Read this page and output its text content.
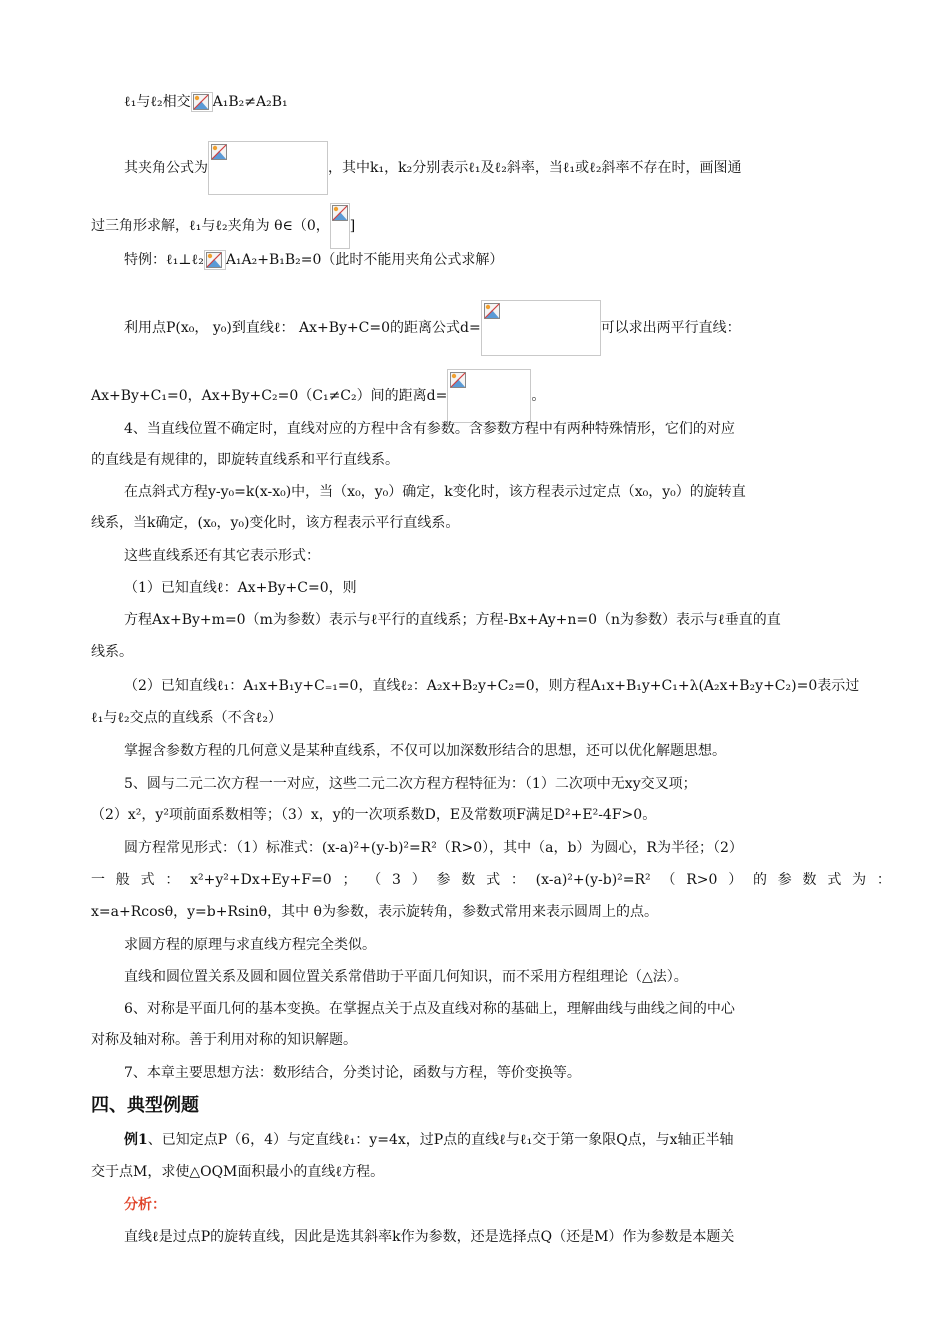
ℓ₁与ℓ₂相交 A₁B₂≠A₂B₁
其夹角公式为	，其中k₁，k₂分别表示ℓ₁及ℓ₂斜率，当ℓ₁或ℓ₂斜率不存在时，画图通
过三角形求解，ℓ₁与ℓ₂夹角为 θ∈（0， ]
特例：ℓ₁⊥ℓ₂ A₁A₂+B₁B₂=0（此时不能用夹角公式求解）
利用点P(x₀， y₀)到直线ℓ： Ax+By+C=0的距离公式d=	可以求出两平行直线：
Ax+By+C₁=0，Ax+By+C₂=0（C₁≠C₂）间的距离d=	。
4、当直线位置不确定时，直线对应的方程中含有参数。含参数方程中有两种特殊情形，它们的对应
的直线是有规律的，即旋转直线系和平行直线系。
在点斜式方程y-y₀=k(x-x₀)中，当（x₀，y₀）确定，k变化时，该方程表示过定点（x₀，y₀）的旋转直
线系，当k确定，(x₀，y₀)变化时，该方程表示平行直线系。
这些直线系还有其它表示形式：
（1）已知直线ℓ：Ax+By+C=0，则
方程Ax+By+m=0（m为参数）表示与ℓ平行的直线系；方程-Bx+Ay+n=0（n为参数）表示与ℓ垂直的直
线系。
（2）已知直线ℓ₁：A₁x+B₁y+C₌₁=0，直线ℓ₂：A₂x+B₂y+C₂=0，则方程A₁x+B₁y+C₁+λ(A₂x+B₂y+C₂)=0表示过
ℓ₁与ℓ₂交点的直线系（不含ℓ₂）
掌握含参数方程的几何意义是某种直线系，不仅可以加深数形结合的思想，还可以优化解题思想。
5、圆与二元二次方程一一对应，这些二元二次方程方程特征为：（1）二次项中无xy交叉项；
（2）x²，y²项前面系数相等；（3）x，y的一次项系数D，E及常数项F满足D²+E²-4F>0。
圆方程常见形式：（1）标准式：(x-a)²+(y-b)²=R²（R>0），其中（a，b）为圆心，R为半径；（2）
一 般 式 ： x²+y²+Dx+Ey+F=0 ； （ 3 ） 参 数 式 ： (x-a)²+(y-b)²=R² （ R>0 ） 的 参 数 式 为 ：
x=a+Rcosθ，y=b+Rsinθ，其中 θ为参数，表示旋转角，参数式常用来表示圆周上的点。
求圆方程的原理与求直线方程完全类似。
直线和圆位置关系及圆和圆位置关系常借助于平面几何知识，而不采用方程组理论（△法）。
6、对称是平面几何的基本变换。在掌握点关于点及直线对称的基础上，理解曲线与曲线之间的中心
对称及轴对称。善于利用对称的知识解题。
7、本章主要思想方法：数形结合，分类讨论，函数与方程，等价变换等。
四、典型例题
例1、已知定点P（6，4）与定直线ℓ₁：y=4x，过P点的直线ℓ与ℓ₁交于第一象限Q点，与x轴正半轴
交于点M，求使△OQM面积最小的直线ℓ方程。
分析：
直线ℓ是过点P的旋转直线，因此是选其斜率k作为参数，还是选择点Q（还是M）作为参数是本题关
